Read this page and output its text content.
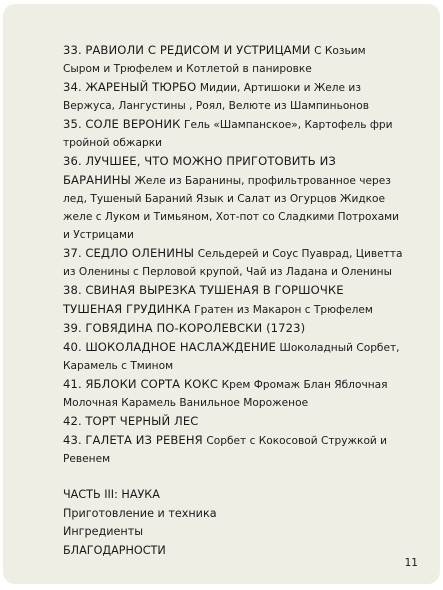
33. РАВИОЛИ С РЕДИСОМ И УСТРИЦАМИ С Козьим Сыром и Трюфелем и Котлетой в панировке

34. ЖАРЕНЫЙ ТЮРБО Мидии, Артишоки и Желе из Вержуса, Лангустины , Роял, Велюте из Шампиньонов

35. СОЛЕ ВЕРОНИК Гель «Шампанское», Картофель фри тройной обжарки

36. ЛУЧШЕЕ, ЧТО МОЖНО ПРИГОТОВИТЬ ИЗ БАРАНИНЫ Желе из Баранины, профильтрованное через лед, Тушеный Бараний Язык и Салат из Огурцов Жидкое желе с Луком и Тимьяном, Хот-пот со Сладкими Потрохами и Устрицами

37. СЕДЛО ОЛЕНИНЫ Сельдерей и Соус Пуаврад, Циветта из Оленины с Перловой крупой, Чай из Ладана и Оленины

38. СВИНАЯ ВЫРЕЗКА ТУШЕНАЯ В ГОРШОЧКЕ ТУШЕНАЯ ГРУДИНКА Гратен из Макарон с Трюфелем

39. ГОВЯДИНА ПО-КОРОЛЕВСКИ (1723)

40. ШОКОЛАДНОЕ НАСЛАЖДЕНИЕ Шоколадный Сорбет, Карамель с Тмином

41. ЯБЛОКИ СОРТА КОКС Крем Фромаж Блан Яблочная Молочная Карамель Ванильное Мороженое

42. ТОРТ ЧЕРНЫЙ ЛЕС

43. ГАЛЕТА ИЗ РЕВЕНЯ Сорбет с Кокосовой Стружкой и Ревенем

ЧАСТЬ III: НАУКА
Приготовление и техника
Ингредиенты
БЛАГОДАРНОСТИ
11
